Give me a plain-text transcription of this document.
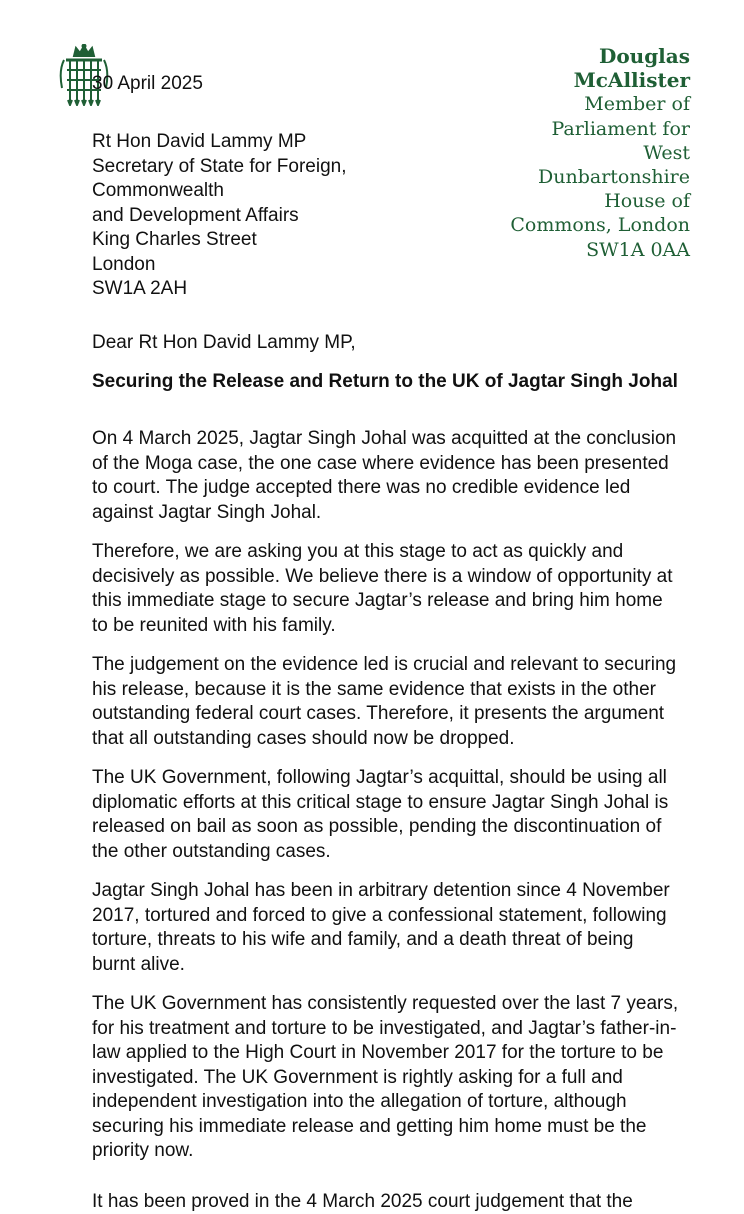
30 April 2025
Douglas
McAllister
Member of
Parliament for
West
Dunbartonshire
House of
Commons, London
SW1A 0AA
Rt Hon David Lammy MP
Secretary of State for Foreign,
Commonwealth
and Development Affairs
King Charles Street
London
SW1A 2AH
Dear Rt Hon David Lammy MP,
Securing the Release and Return to the UK of Jagtar Singh Johal

On 4 March 2025, Jagtar Singh Johal was acquitted at the conclusion of the Moga case, the one case where evidence has been presented to court. The judge accepted there was no credible evidence led against Jagtar Singh Johal.

Therefore, we are asking you at this stage to act as quickly and decisively as possible. We believe there is a window of opportunity at this immediate stage to secure Jagtar’s release and bring him home to be reunited with his family.

The judgement on the evidence led is crucial and relevant to securing his release, because it is the same evidence that exists in the other outstanding federal court cases. Therefore, it presents the argument that all outstanding cases should now be dropped.

The UK Government, following Jagtar’s acquittal, should be using all diplomatic efforts at this critical stage to ensure Jagtar Singh Johal is released on bail as soon as possible, pending the discontinuation of the other outstanding cases.

Jagtar Singh Johal has been in arbitrary detention since 4 November 2017, tortured and forced to give a confessional statement, following torture, threats to his wife and family, and a death threat of being burnt alive.

The UK Government has consistently requested over the last 7 years, for his treatment and torture to be investigated, and Jagtar’s father-in-law applied to the High Court in November 2017 for the torture to be investigated. The UK Government is rightly asking for a full and independent investigation into the allegation of torture, although securing his immediate release and getting him home must be the priority now.

It has been proved in the 4 March 2025 court judgement that the
